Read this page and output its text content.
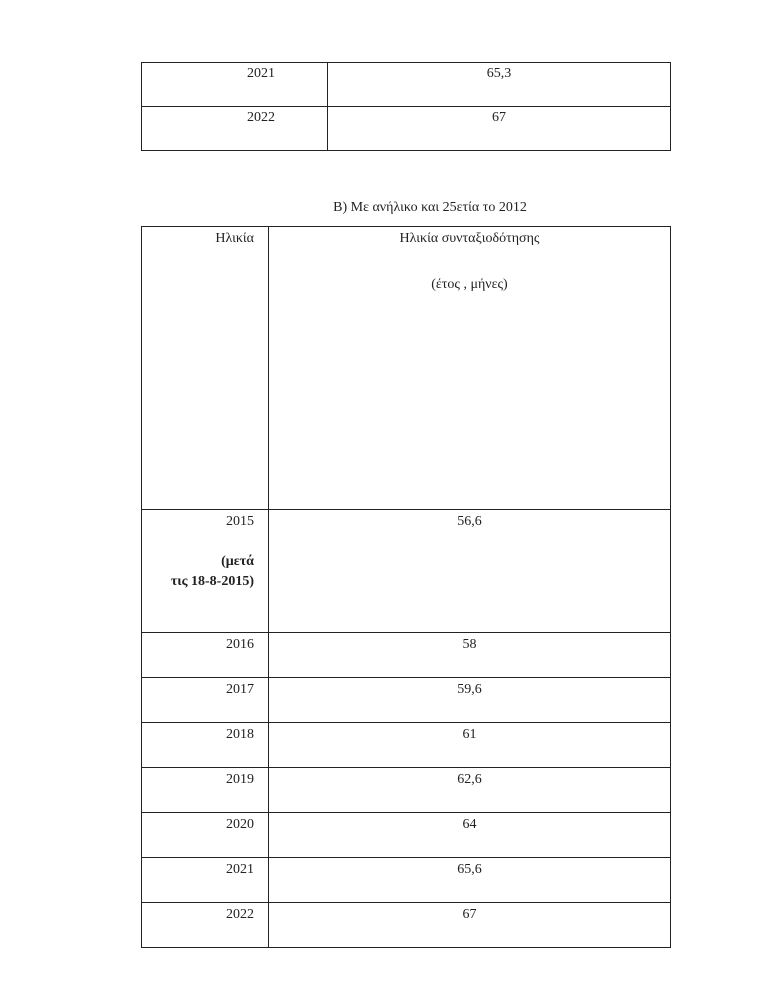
2021	65,3
2022	67
Β) Με ανήλικο και 25ετία το 2012
Ηλικία	Ηλικία συνταξιοδότησης
(έτος , μήνες)

2015
(μετά
τις 18-8-2015)	56,6
2016	58
2017	59,6
2018	61
2019	62,6
2020	64
2021	65,6
2022	67
